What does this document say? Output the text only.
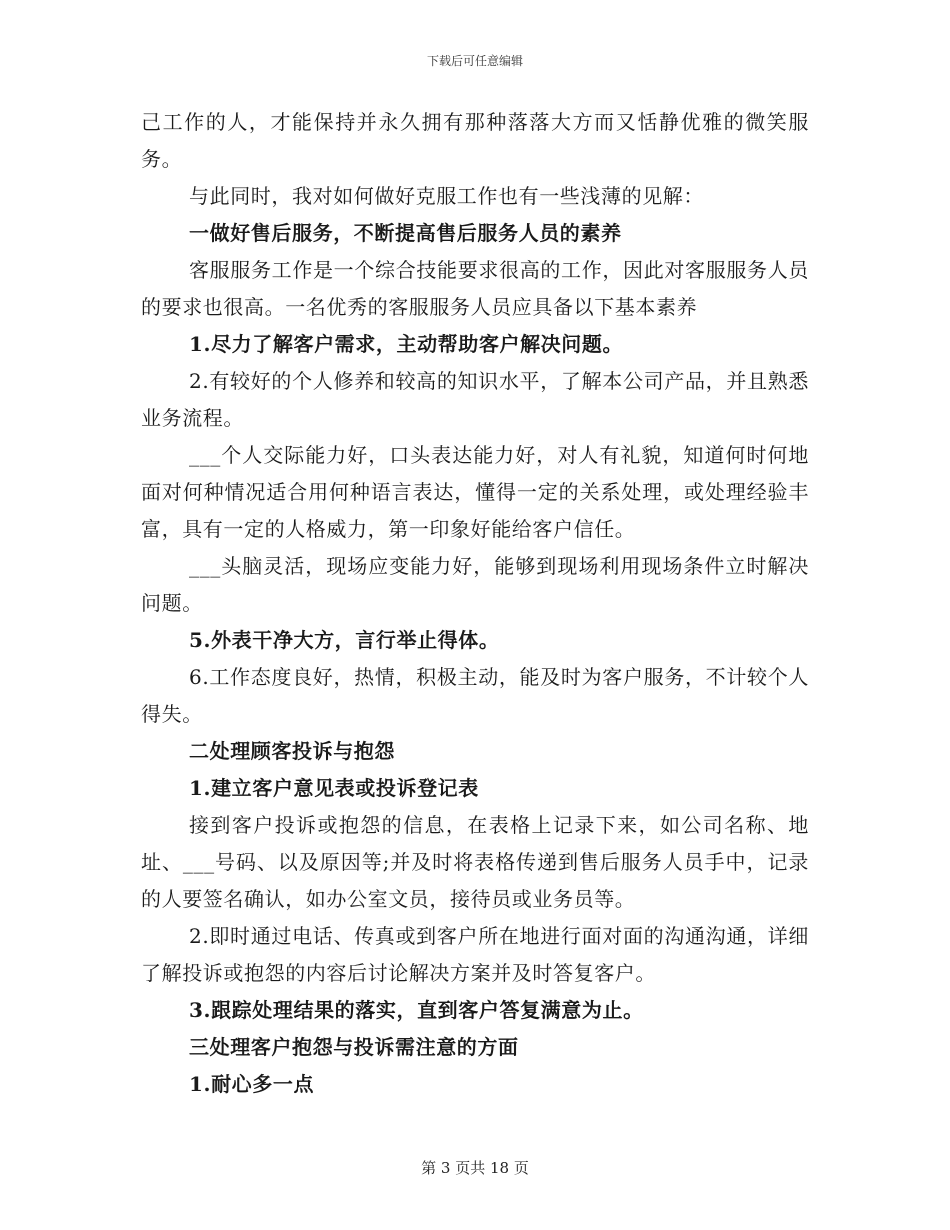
下载后可任意编辑

己工作的人，才能保持并永久拥有那种落落大方而又恬静优雅的微笑服务。

与此同时，我对如何做好克服工作也有一些浅薄的见解：

一做好售后服务，不断提高售后服务人员的素养

客服服务工作是一个综合技能要求很高的工作，因此对客服服务人员的要求也很高。一名优秀的客服服务人员应具备以下基本素养

1.尽力了解客户需求，主动帮助客户解决问题。

2.有较好的个人修养和较高的知识水平，了解本公司产品，并且熟悉业务流程。

___个人交际能力好，口头表达能力好，对人有礼貌，知道何时何地面对何种情况适合用何种语言表达，懂得一定的关系处理，或处理经验丰富，具有一定的人格威力，第一印象好能给客户信任。

___头脑灵活，现场应变能力好，能够到现场利用现场条件立时解决问题。

5.外表干净大方，言行举止得体。

6.工作态度良好，热情，积极主动，能及时为客户服务，不计较个人得失。

二处理顾客投诉与抱怨

1.建立客户意见表或投诉登记表

接到客户投诉或抱怨的信息，在表格上记录下来，如公司名称、地址、___号码、以及原因等;并及时将表格传递到售后服务人员手中，记录的人要签名确认，如办公室文员，接待员或业务员等。

2.即时通过电话、传真或到客户所在地进行面对面的沟通沟通，详细了解投诉或抱怨的内容后讨论解决方案并及时答复客户。

3.跟踪处理结果的落实，直到客户答复满意为止。

三处理客户抱怨与投诉需注意的方面

1.耐心多一点

第 3 页共 18 页
